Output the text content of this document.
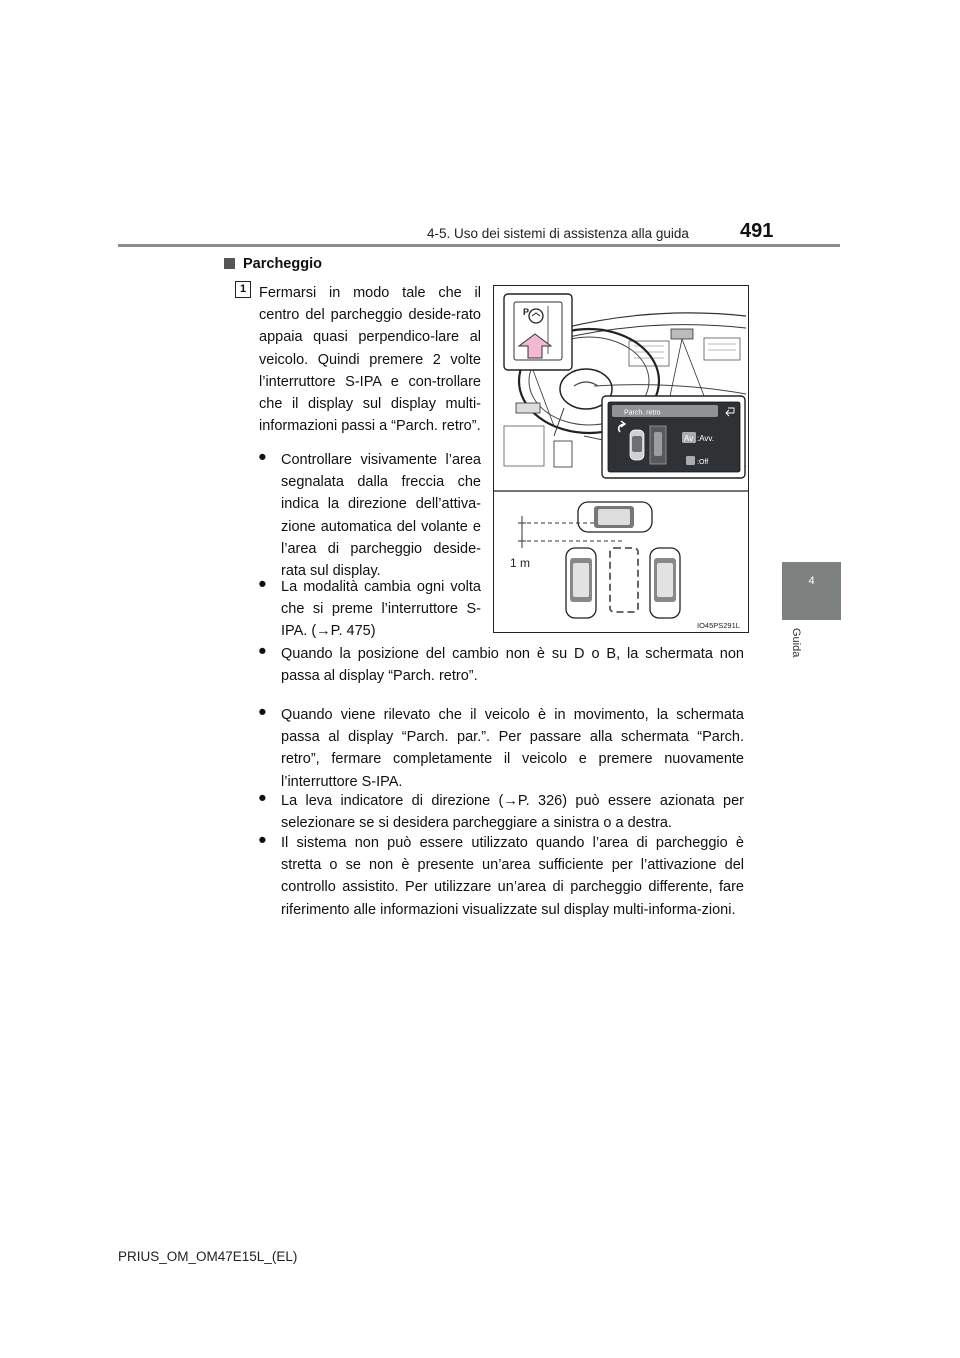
4-5. Uso dei sistemi di assistenza alla guida	491
4
Guida
Parcheggio
1 Fermarsi in modo tale che il centro del parcheggio deside-rato appaia quasi perpendico-lare al veicolo. Quindi premere 2 volte l’interruttore S-IPA e con-trollare che il display sul display multi-informazioni passi a “Parch. retro”.
● Controllare visivamente l’area segnalata dalla freccia che indica la direzione dell’attiva-zione automatica del volante e l’area di parcheggio deside-rata sul display.
● La modalità cambia ogni volta che si preme l’interruttore S-IPA. (→P. 475)
● Quando la posizione del cambio non è su D o B, la schermata non passa al display “Parch. retro”.
● Quando viene rilevato che il veicolo è in movimento, la schermata passa al display “Parch. par.”. Per passare alla schermata “Parch. retro”, fermare completamente il veicolo e premere nuovamente l’interruttore S-IPA.
● La leva indicatore di direzione (→P. 326) può essere azionata per selezionare se si desidera parcheggiare a sinistra o a destra.
● Il sistema non può essere utilizzato quando l’area di parcheggio è stretta o se non è presente un’area sufficiente per l’attivazione del controllo assistito. Per utilizzare un’area di parcheggio differente, fare riferimento alle informazioni visualizzate sul display multi-informa-zioni.
P
Parch. retro
Av :Avv.
:Off
1 m
IO45PS291L
PRIUS_OM_OM47E15L_(EL)
